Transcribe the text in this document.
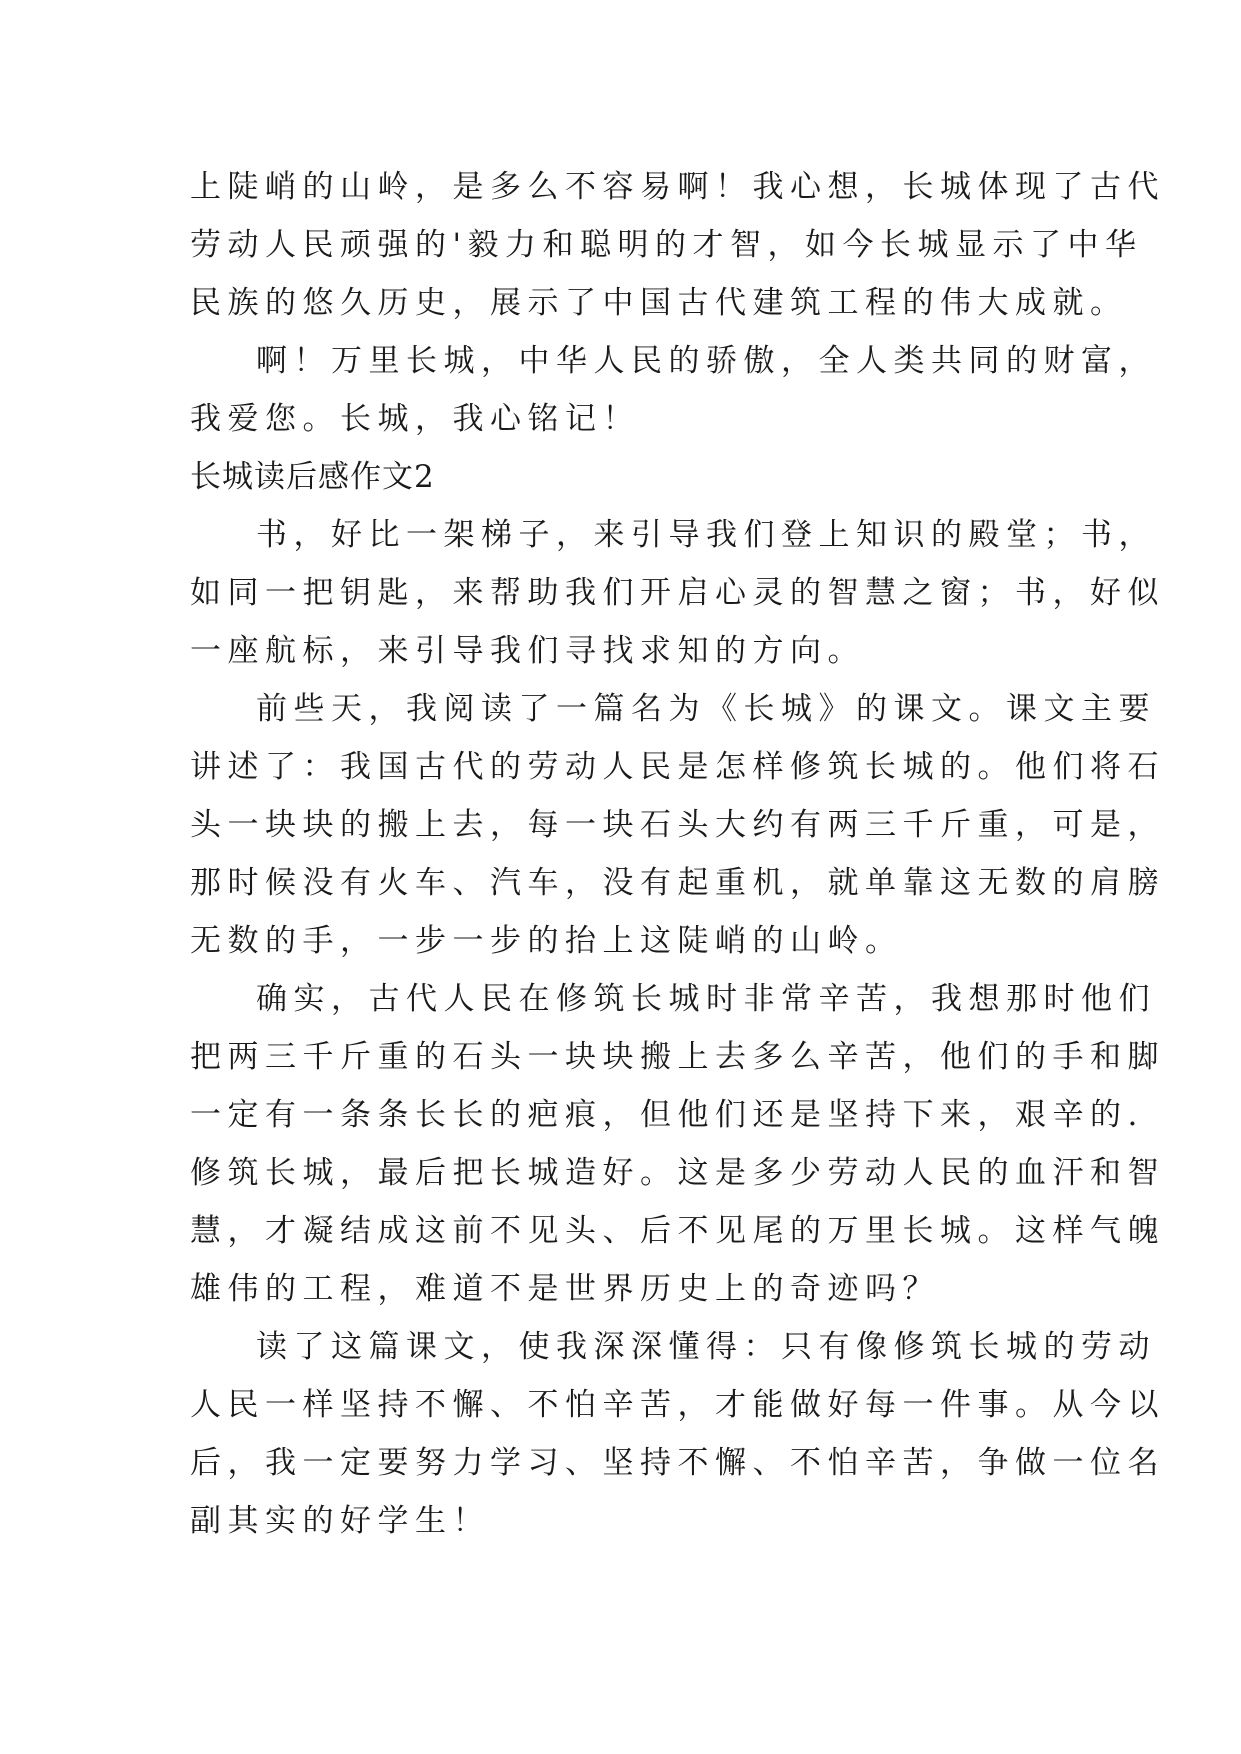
上陡峭的山岭，是多么不容易啊！我心想，长城体现了古代
劳动人民顽强的'毅力和聪明的才智，如今长城显示了中华
民族的悠久历史，展示了中国古代建筑工程的伟大成就。
啊！万里长城，中华人民的骄傲，全人类共同的财富，
我爱您。长城，我心铭记！
长城读后感作文2
书，好比一架梯子，来引导我们登上知识的殿堂；书，
如同一把钥匙，来帮助我们开启心灵的智慧之窗；书，好似
一座航标，来引导我们寻找求知的方向。
前些天，我阅读了一篇名为《长城》的课文。课文主要
讲述了：我国古代的劳动人民是怎样修筑长城的。他们将石
头一块块的搬上去，每一块石头大约有两三千斤重，可是，
那时候没有火车、汽车，没有起重机，就单靠这无数的肩膀
无数的手，一步一步的抬上这陡峭的山岭。
确实，古代人民在修筑长城时非常辛苦，我想那时他们
把两三千斤重的石头一块块搬上去多么辛苦，他们的手和脚
一定有一条条长长的疤痕，但他们还是坚持下来，艰辛的.
修筑长城，最后把长城造好。这是多少劳动人民的血汗和智
慧，才凝结成这前不见头、后不见尾的万里长城。这样气魄
雄伟的工程，难道不是世界历史上的奇迹吗？
读了这篇课文，使我深深懂得：只有像修筑长城的劳动
人民一样坚持不懈、不怕辛苦，才能做好每一件事。从今以
后，我一定要努力学习、坚持不懈、不怕辛苦，争做一位名
副其实的好学生！
